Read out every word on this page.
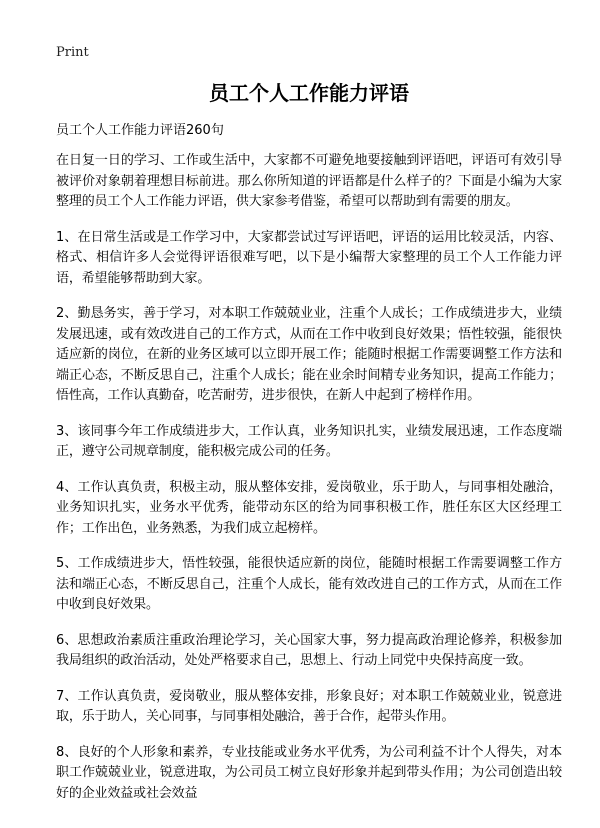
Print
员工个人工作能力评语

员工个人工作能力评语260句

在日复一日的学习、工作或生活中，大家都不可避免地要接触到评语吧，评语可有效引导被评价对象朝着理想目标前进。那么你所知道的评语都是什么样子的？下面是小编为大家整理的员工个人工作能力评语，供大家参考借鉴，希望可以帮助到有需要的朋友。

1、在日常生活或是工作学习中，大家都尝试过写评语吧，评语的运用比较灵活，内容、格式、相信许多人会觉得评语很难写吧，以下是小编帮大家整理的员工个人工作能力评语，希望能够帮助到大家。

2、勤恳务实，善于学习，对本职工作兢兢业业，注重个人成长；工作成绩进步大，业绩发展迅速，或有效改进自己的工作方式，从而在工作中收到良好效果；悟性较强，能很快适应新的岗位，在新的业务区域可以立即开展工作；能随时根据工作需要调整工作方法和端正心态，不断反思自己，注重个人成长；能在业余时间精专业务知识，提高工作能力；悟性高，工作认真勤奋，吃苦耐劳，进步很快，在新人中起到了榜样作用。

3、该同事今年工作成绩进步大，工作认真，业务知识扎实，业绩发展迅速，工作态度端正，遵守公司规章制度，能积极完成公司的任务。

4、工作认真负责，积极主动，服从整体安排，爱岗敬业，乐于助人，与同事相处融洽，业务知识扎实，业务水平优秀，能带动东区的给为同事积极工作，胜任东区大区经理工作；工作出色，业务熟悉，为我们成立起榜样。

5、工作成绩进步大，悟性较强，能很快适应新的岗位，能随时根据工作需要调整工作方法和端正心态，不断反思自己，注重个人成长，能有效改进自己的工作方式，从而在工作中收到良好效果。

6、思想政治素质注重政治理论学习，关心国家大事，努力提高政治理论修养，积极参加我局组织的政治活动，处处严格要求自己，思想上、行动上同党中央保持高度一致。

7、工作认真负责，爱岗敬业，服从整体安排，形象良好；对本职工作兢兢业业，锐意进取，乐于助人，关心同事，与同事相处融洽，善于合作，起带头作用。

8、良好的个人形象和素养，专业技能或业务水平优秀，为公司利益不计个人得失，对本职工作兢兢业业，锐意进取，为公司员工树立良好形象并起到带头作用；为公司创造出较好的企业效益或社会效益
